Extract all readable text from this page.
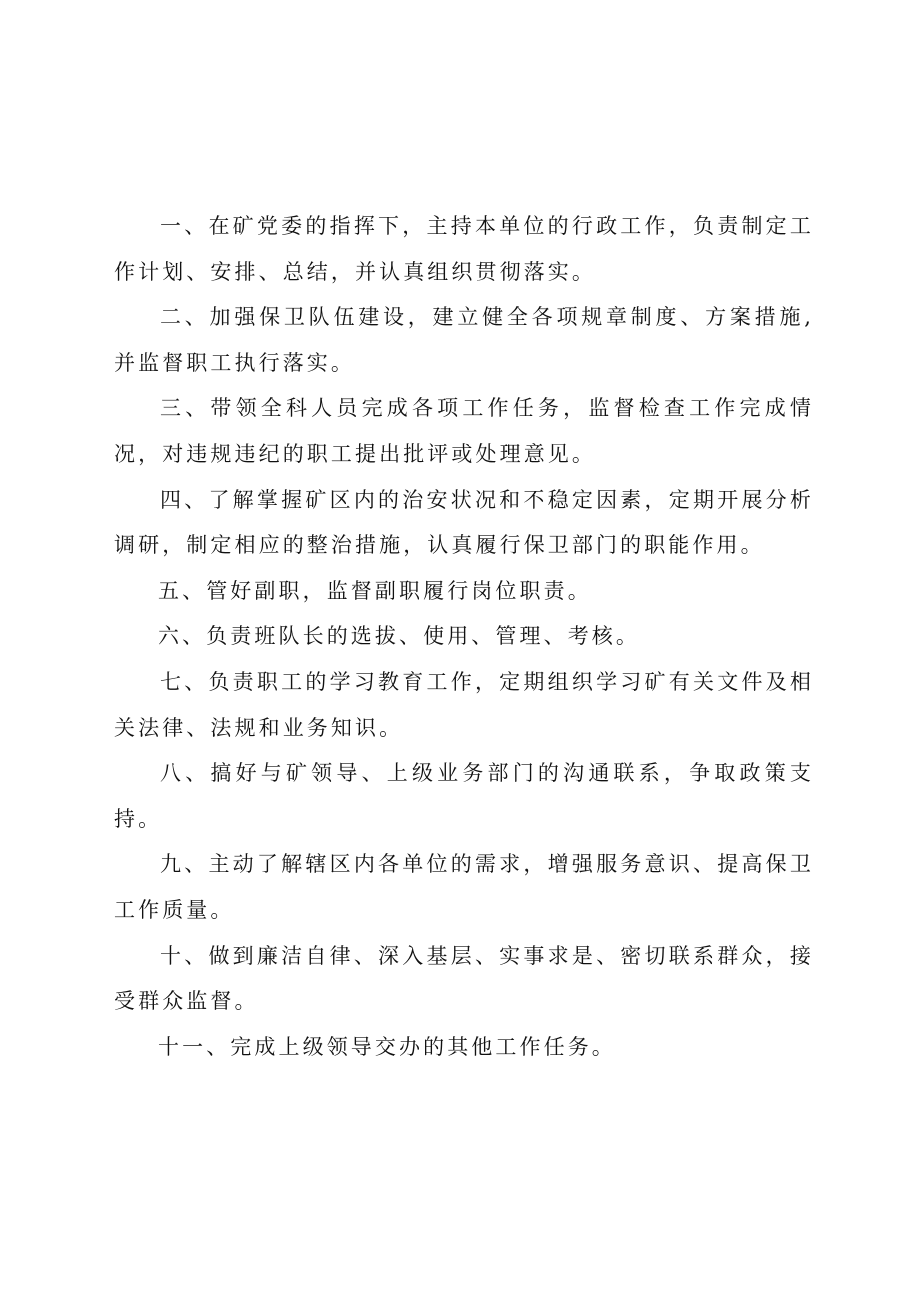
一、在矿党委的指挥下，主持本单位的行政工作，负责制定工作计划、安排、总结，并认真组织贯彻落实。

二、加强保卫队伍建设，建立健全各项规章制度、方案措施,并监督职工执行落实。

三、带领全科人员完成各项工作任务，监督检查工作完成情况，对违规违纪的职工提出批评或处理意见。

四、了解掌握矿区内的治安状况和不稳定因素，定期开展分析调研，制定相应的整治措施，认真履行保卫部门的职能作用。

五、管好副职，监督副职履行岗位职责。

六、负责班队长的选拔、使用、管理、考核。

七、负责职工的学习教育工作，定期组织学习矿有关文件及相关法律、法规和业务知识。

八、搞好与矿领导、上级业务部门的沟通联系，争取政策支持。

九、主动了解辖区内各单位的需求，增强服务意识、提高保卫工作质量。

十、做到廉洁自律、深入基层、实事求是、密切联系群众，接受群众监督。

十一、完成上级领导交办的其他工作任务。
